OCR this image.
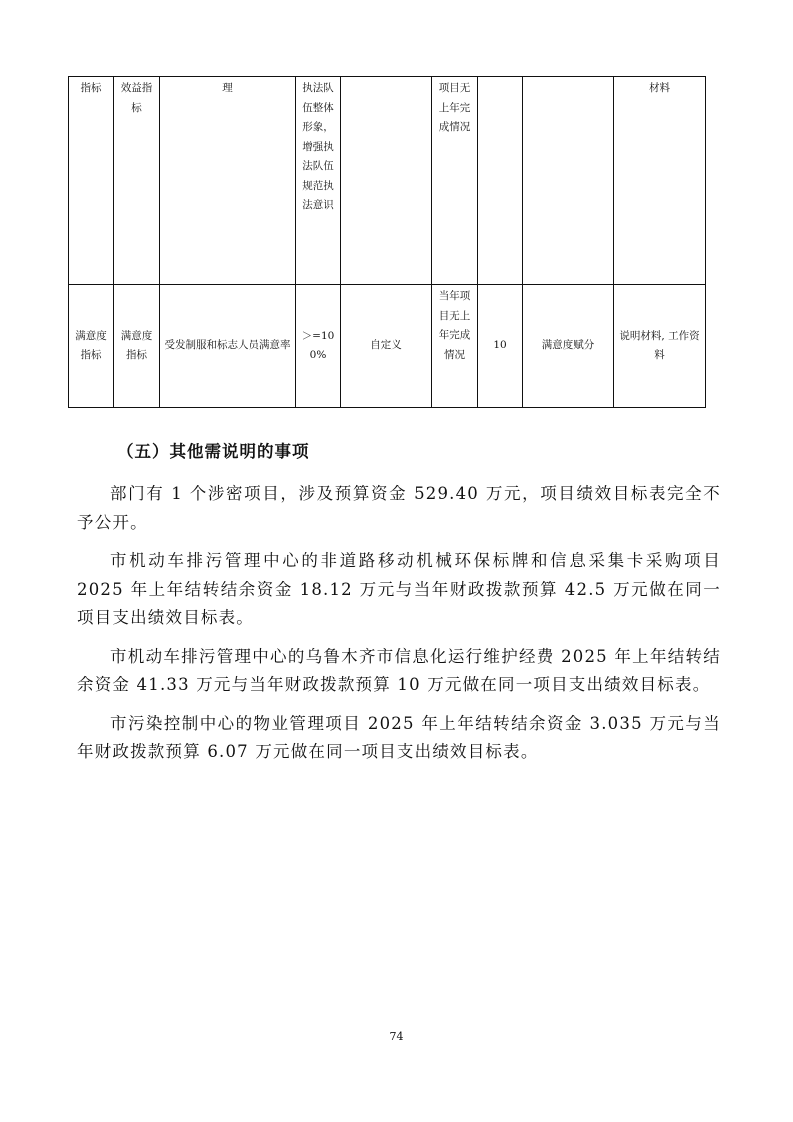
指标	效益指标	理	执法队伍整体形象，增强执法队伍规范执法意识		项目无上年完成情况			材料
满意度指标	满意度指标	受发制服和标志人员满意率	＞=100%	自定义	当年项目无上年完成情况	10	满意度赋分	说明材料, 工作资料
（五）其他需说明的事项

部门有 1 个涉密项目，涉及预算资金 529.40 万元，项目绩效目标表完全不予公开。

市机动车排污管理中心的非道路移动机械环保标牌和信息采集卡采购项目 2025 年上年结转结余资金 18.12 万元与当年财政拨款预算 42.5 万元做在同一项目支出绩效目标表。

市机动车排污管理中心的乌鲁木齐市信息化运行维护经费 2025 年上年结转结余资金 41.33 万元与当年财政拨款预算 10 万元做在同一项目支出绩效目标表。

市污染控制中心的物业管理项目 2025 年上年结转结余资金 3.035 万元与当年财政拨款预算 6.07 万元做在同一项目支出绩效目标表。

74
